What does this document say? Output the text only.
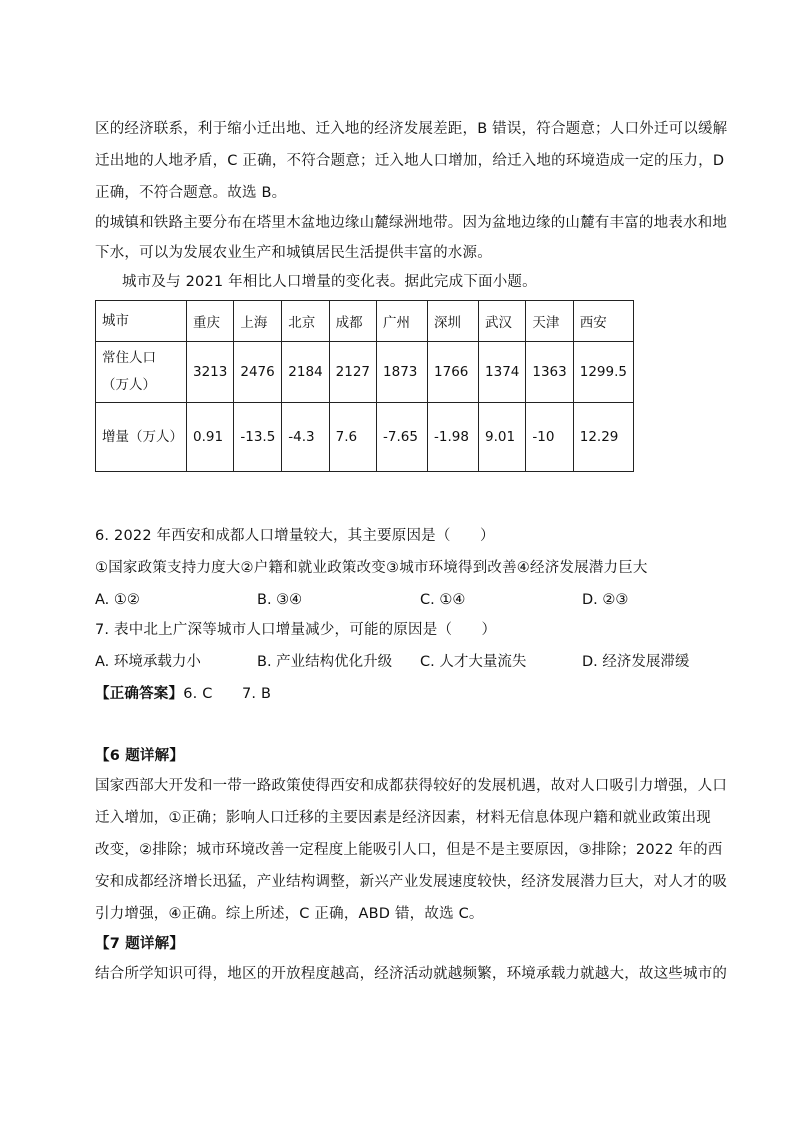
区的经济联系，利于缩小迁出地、迁入地的经济发展差距，B 错误，符合题意；人口外迁可以缓解
迁出地的人地矛盾，C 正确，不符合题意；迁入地人口增加，给迁入地的环境造成一定的压力，D
正确，不符合题意。故选 B。
的城镇和铁路主要分布在塔里木盆地边缘山麓绿洲地带。因为盆地边缘的山麓有丰富的地表水和地
下水，可以为发展农业生产和城镇居民生活提供丰富的水源。
城市及与 2021 年相比人口增量的变化表。据此完成下面小题。
城市	重庆	上海	北京	成都	广州	深圳	武汉	天津	西安
常住人口（万人）	3213	2476	2184	2127	1873	1766	1374	1363	1299.5
增量（万人）	0.91	-13.5	-4.3	7.6	-7.65	-1.98	9.01	-10	12.29
6. 2022 年西安和成都人口增量较大，其主要原因是（　　）
①国家政策支持力度大②户籍和就业政策改变③城市环境得到改善④经济发展潜力巨大
A. ①②	B. ③④	C. ①④	D. ②③
7. 表中北上广深等城市人口增量减少，可能的原因是（　　）
A. 环境承载力小	B. 产业结构优化升级 C. 人才大量流失	D. 经济发展滞缓
【正确答案】6. C　　7. B
【6 题详解】
国家西部大开发和一带一路政策使得西安和成都获得较好的发展机遇，故对人口吸引力增强，人口
迁入增加，①正确；影响人口迁移的主要因素是经济因素，材料无信息体现户籍和就业政策出现
改变，②排除；城市环境改善一定程度上能吸引人口，但是不是主要原因，③排除；2022 年的西
安和成都经济增长迅猛，产业结构调整，新兴产业发展速度较快，经济发展潜力巨大，对人才的吸
引力增强，④正确。综上所述，C 正确，ABD 错，故选 C。
【7 题详解】
结合所学知识可得，地区的开放程度越高，经济活动就越频繁，环境承载力就越大，故这些城市的
